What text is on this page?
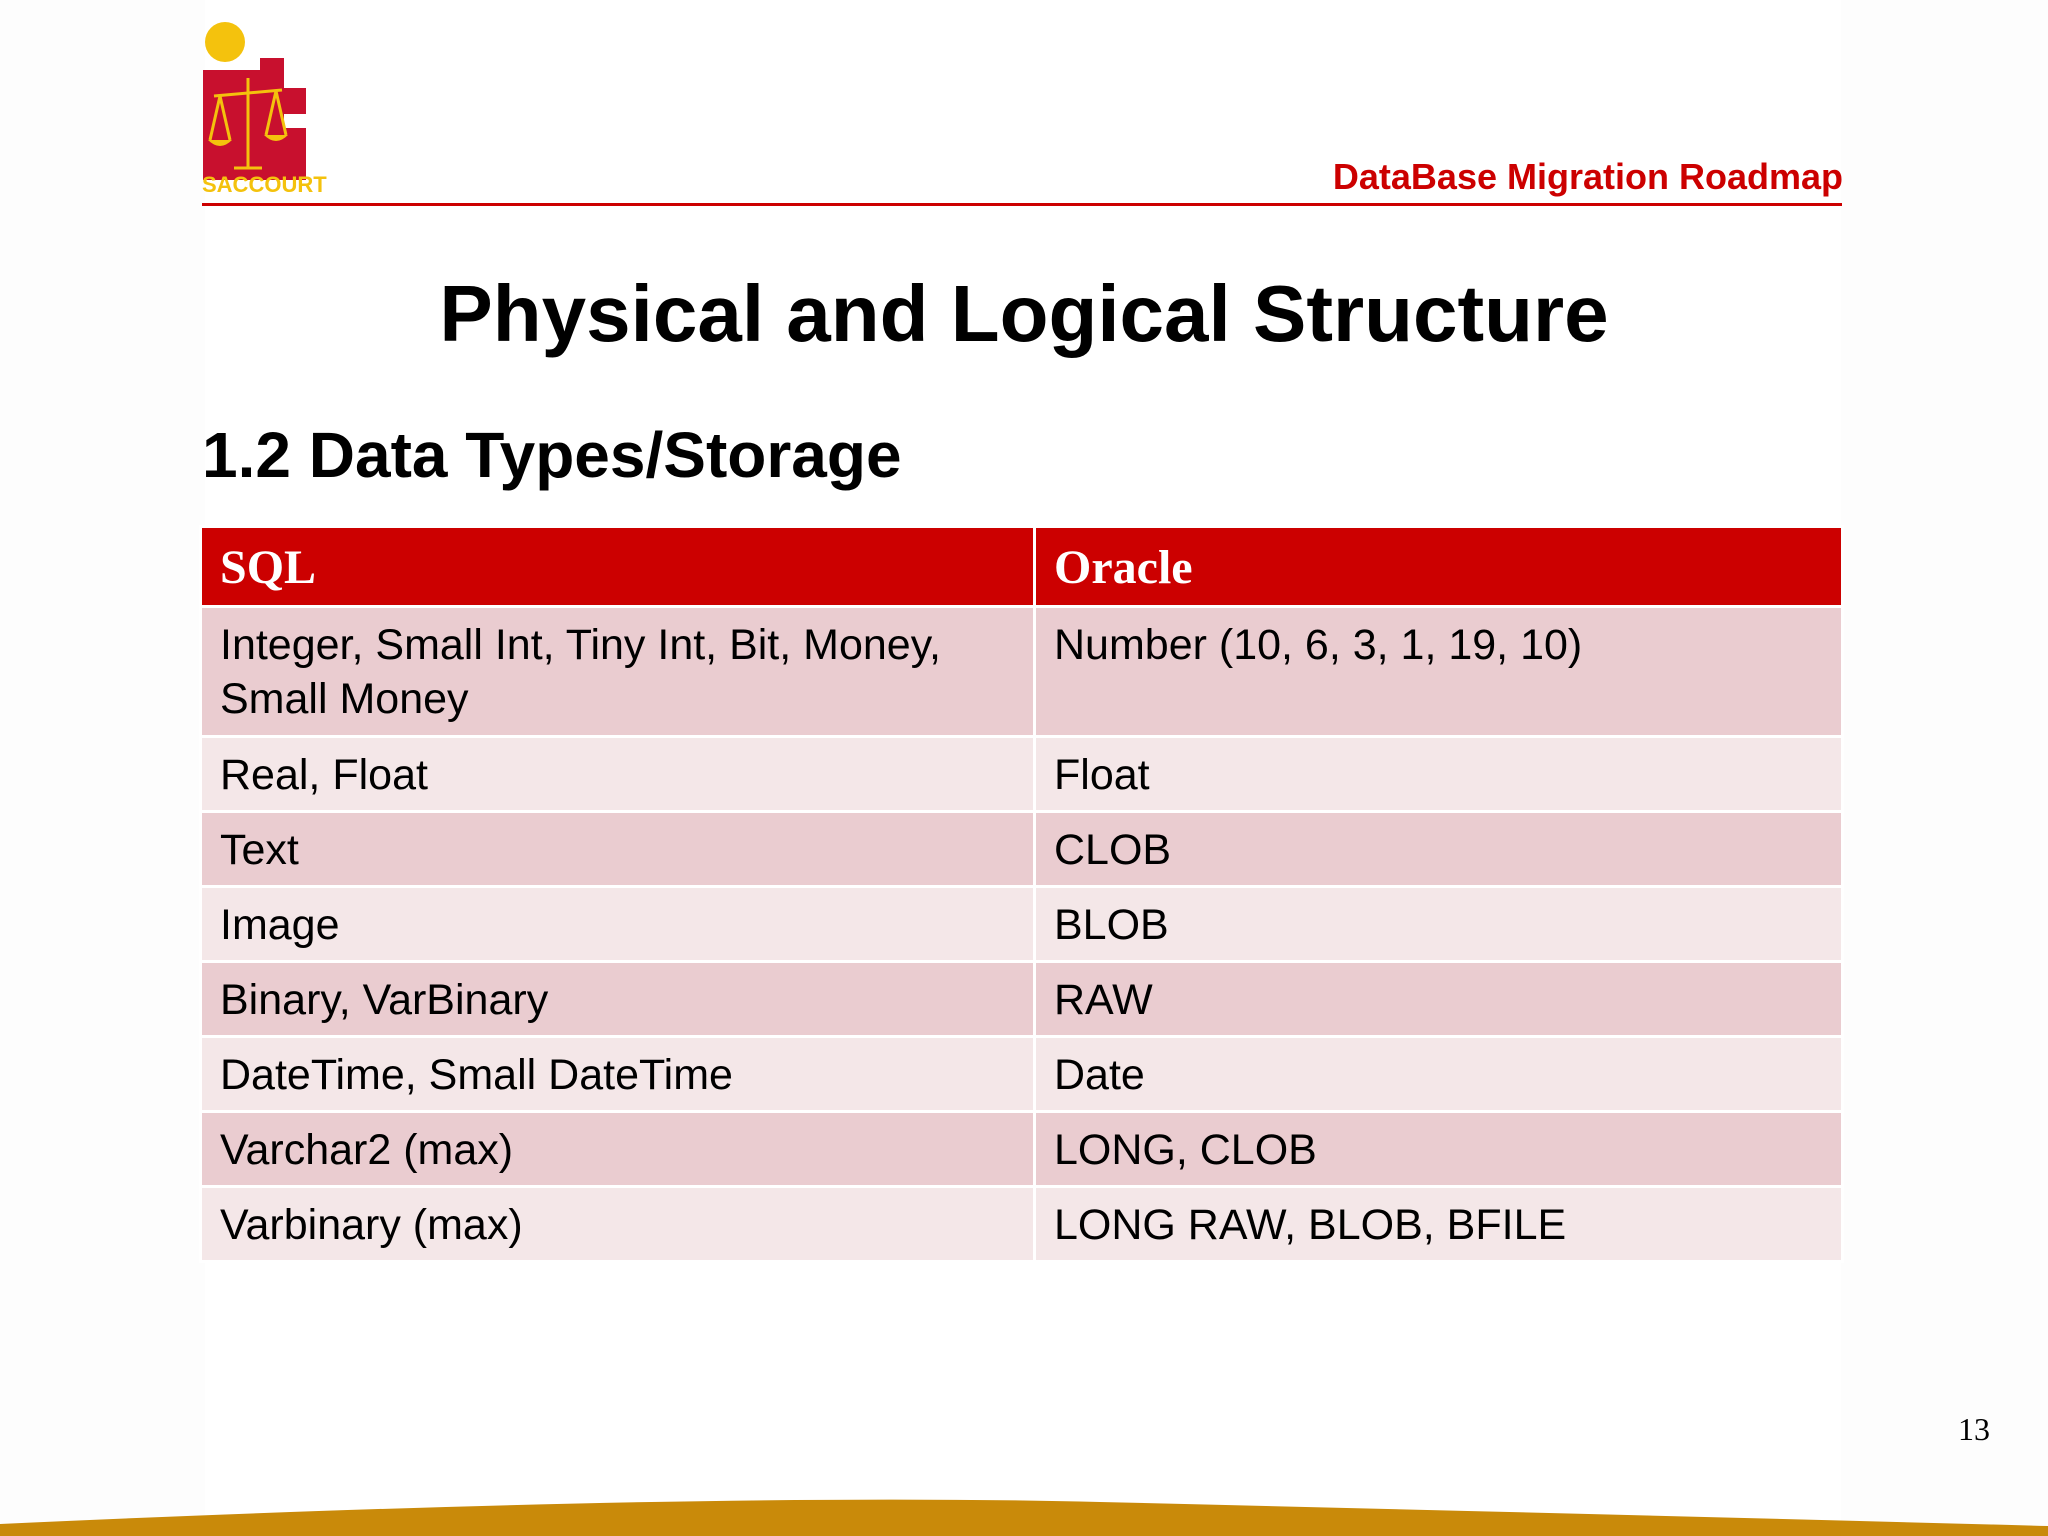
SACCOURT	DataBase Migration Roadmap
Physical and Logical Structure
1.2 Data Types/Storage
SQL	Oracle
Integer, Small Int, Tiny Int, Bit, Money, Small Money	Number (10, 6, 3, 1, 19, 10)
Real, Float	Float
Text	CLOB
Image	BLOB
Binary, VarBinary	RAW
DateTime, Small DateTime	Date
Varchar2 (max)	LONG, CLOB
Varbinary (max)	LONG RAW, BLOB, BFILE
13
